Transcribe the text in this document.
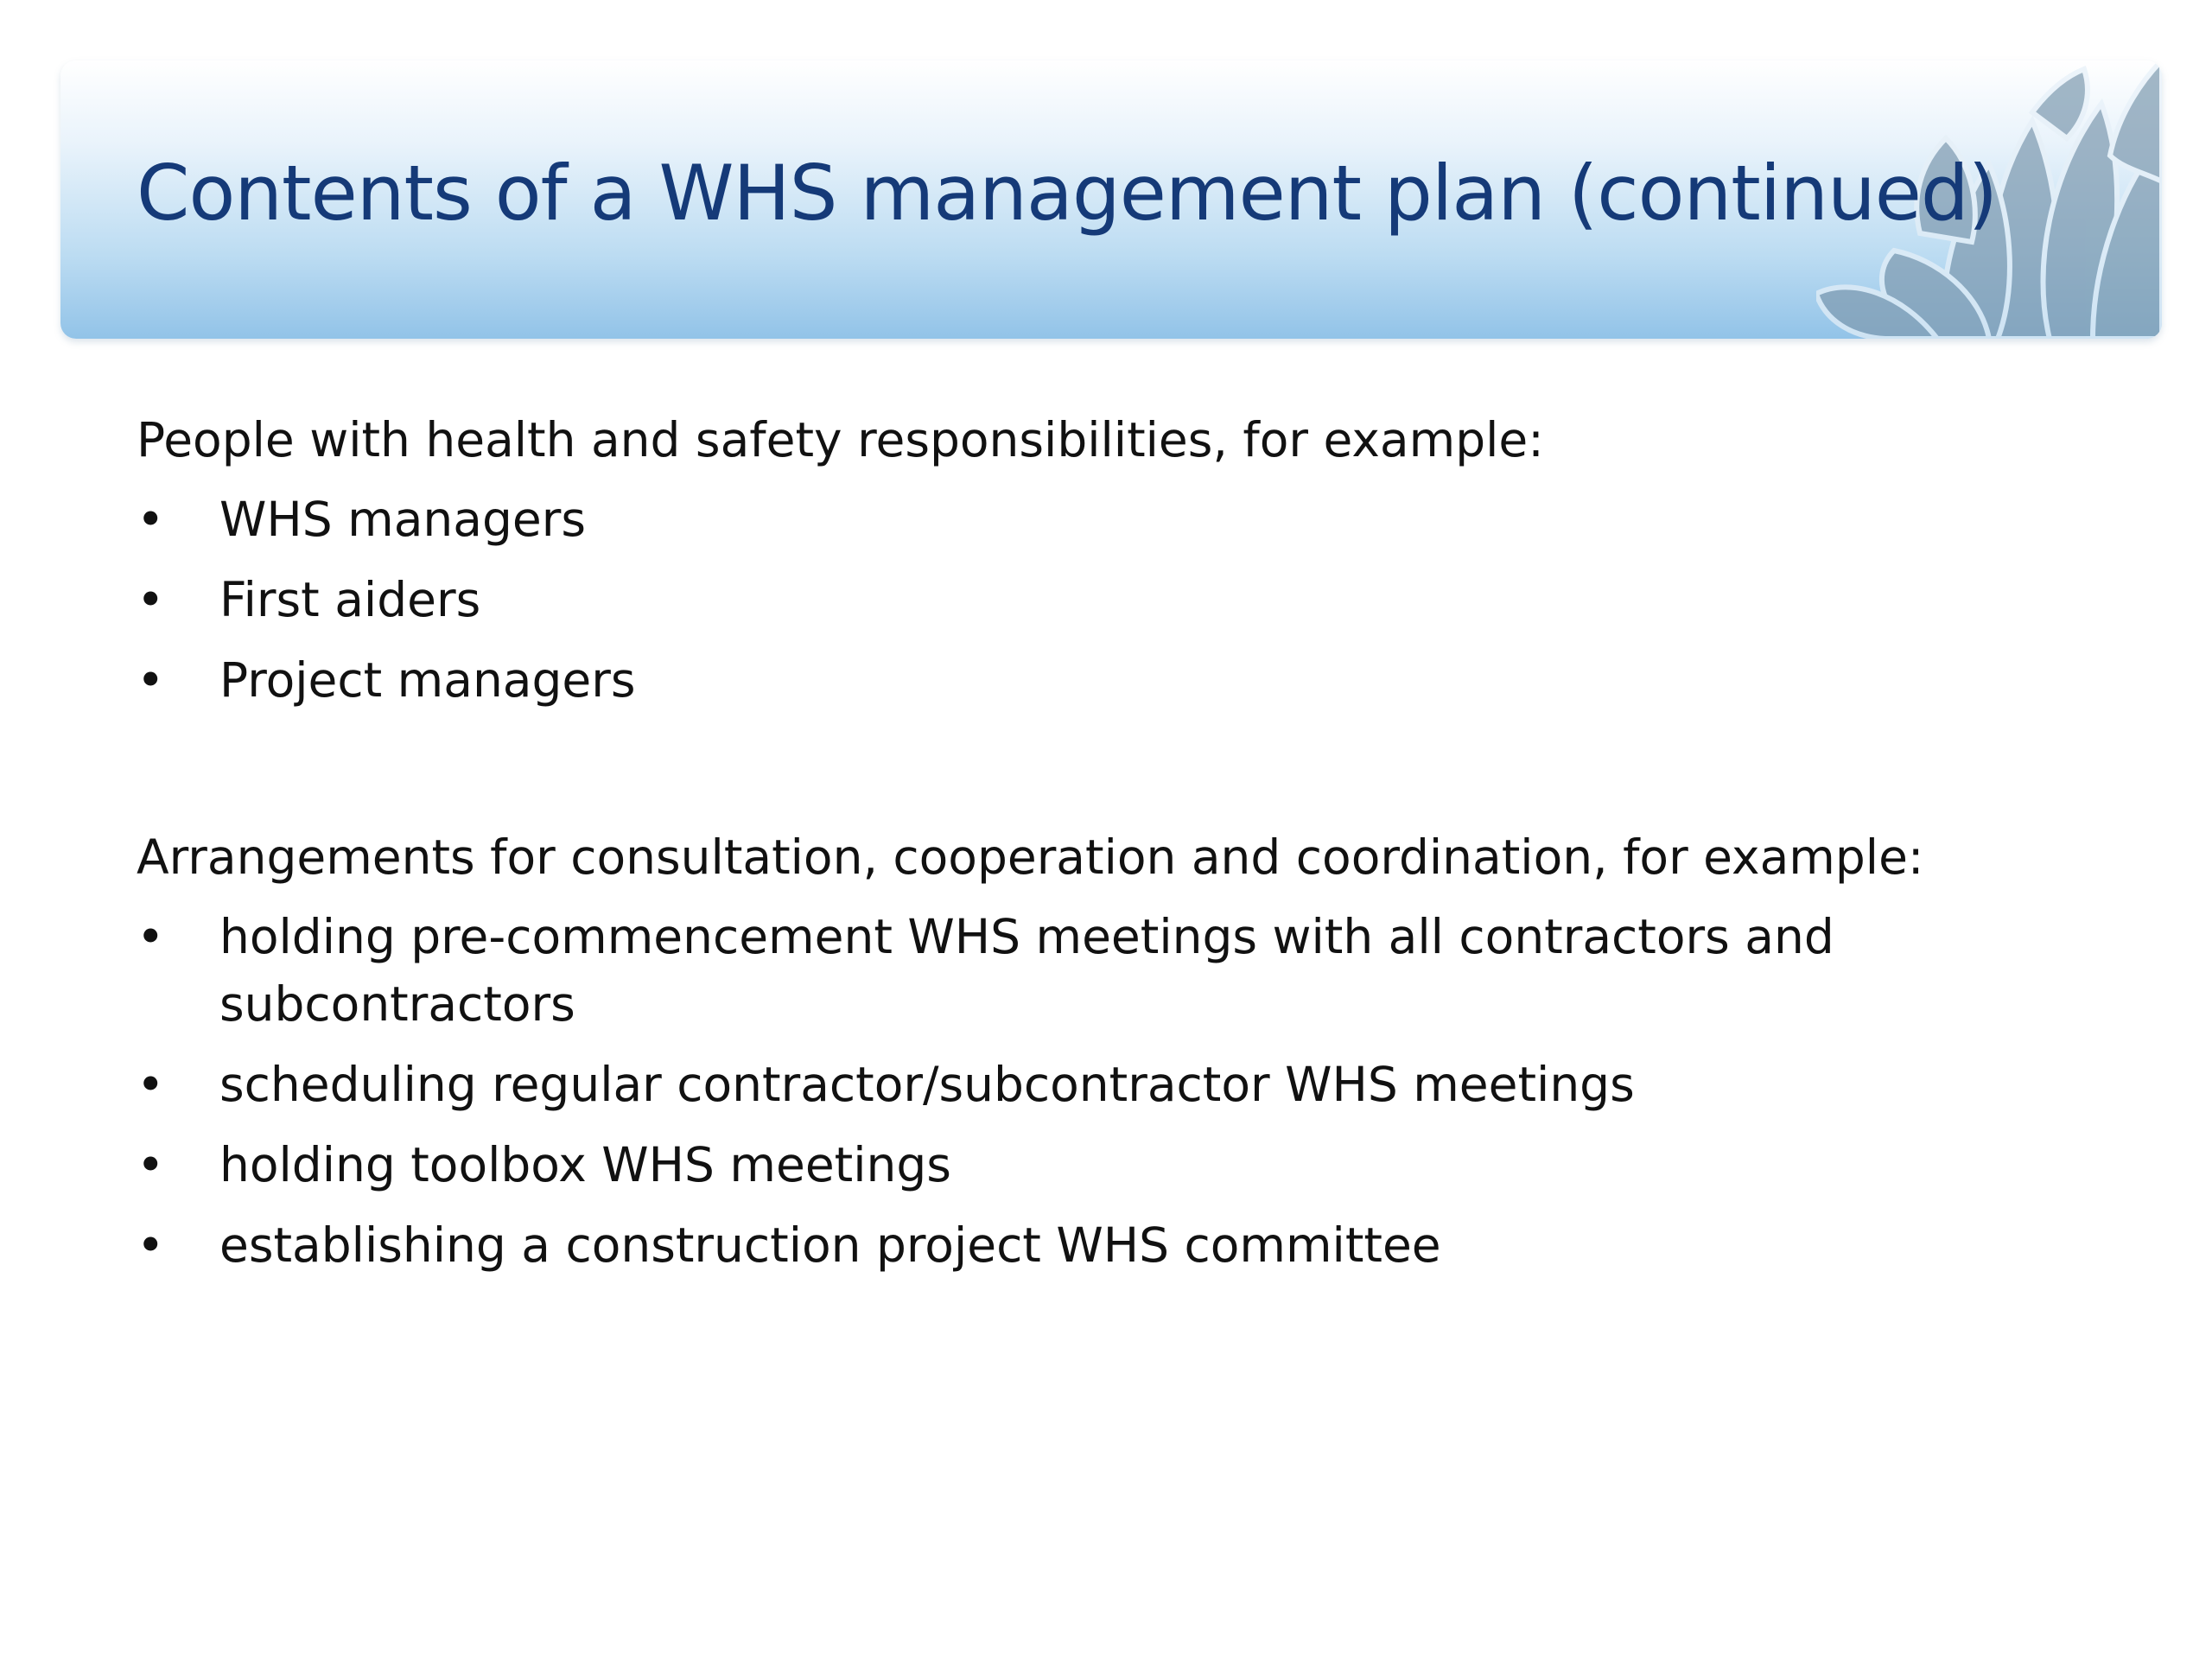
Contents of a WHS management plan (continued)

People with health and safety responsibilities, for example:

• WHS managers
• First aiders
• Project managers

Arrangements for consultation, cooperation and coordination, for example:

• holding pre-commencement WHS meetings with all contractors and subcontractors
• scheduling regular contractor/subcontractor WHS meetings
• holding toolbox WHS meetings
• establishing a construction project WHS committee
